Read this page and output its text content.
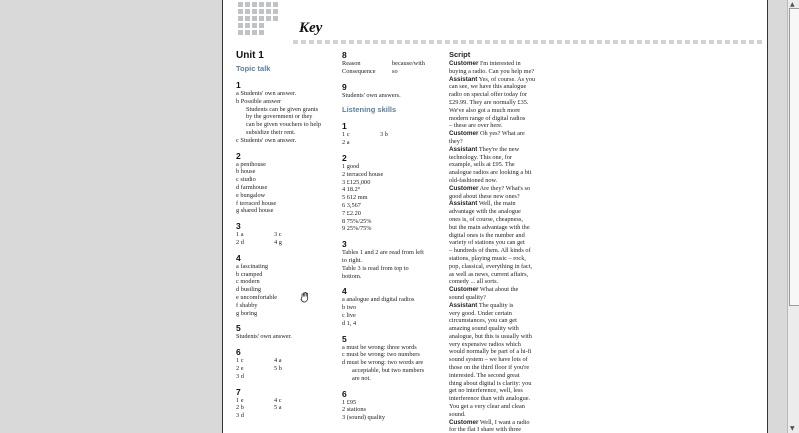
Key
Unit 1
Topic talk
1
a Students' own answer.
b Possible answer
Students can be given grants
by the government or they
can be given vouchers to help
subsidize their rent.
c Students' own answer.
2
a penthouse
b house
c studio
d farmhouse
e bungalow
f terraced house
g shared house
3
1 a	3 c
2 d	4 g
4
a fascinating
b cramped
c modern
d bustling
e uncomfortable
f shabby
g boring
5
Students' own answer.
6
1 c	4 a
2 e	5 b
3 d
7
1 e	4 c
2 b	5 a
3 d
8
Reason	because/with
Consequence	so
9
Students' own answers.
Listening skills
1
1 c	3 b
2 a
2
1 good
2 terraced house
3 £125,000
4 18.2°
5 612 mm
6 3,567
7 £2.20
8 75%/25%
9 25%/75%
3
Tables 1 and 2 are read from left
to right.
Table 3 is read from top to
bottom.
4
a analogue and digital radios
b two
c live
d 1, 4
5
a must be wrong: three words
c must be wrong: two numbers
d must be wrong: two words are
acceptable, but two numbers
are not.
6
1 £95
2 stations
3 (sound) quality
Script
Customer I'm interested in
buying a radio. Can you help me?
Assistant Yes, of course. As you
can see, we have this analogue
radio on special offer today for
£29.99. They are normally £35.
We've also got a much more
modern range of digital radios
– these are over here.
Customer Oh yes? What are
they?
Assistant They're the new
technology. This one, for
example, sells at £95. The
analogue radios are looking a bit
old-fashioned now.
Customer Are they? What's so
good about these new ones?
Assistant Well, the main
advantage with the analogue
ones is, of course, cheapness,
but the main advantage with the
digital ones is the number and
variety of stations you can get
– hundreds of them. All kinds of
stations, playing music – rock,
pop, classical, everything in fact,
as well as news, current affairs,
comedy ... all sorts.
Customer What about the
sound quality?
Assistant The quality is
very good. Under certain
circumstances, you can get
amazing sound quality with
analogue, but this is usually with
very expensive radios which
would normally be part of a hi-fi
sound system – we have lots of
those on the third floor if you're
interested. The second great
thing about digital is clarity: you
get no interference, well, less
interference than with analogue.
You get a very clear and clean
sound.
Customer Well, I want a radio
for the flat I share with three
▲
▼
